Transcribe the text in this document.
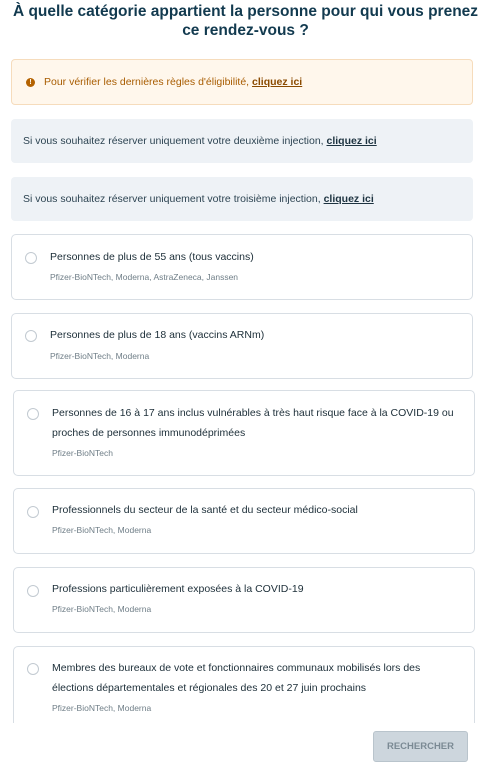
À quelle catégorie appartient la personne pour qui vous prenez ce rendez-vous ?
!	Pour vérifier les dernières règles d'éligibilité, cliquez ici
Si vous souhaitez réserver uniquement votre deuxième injection, cliquez ici
Si vous souhaitez réserver uniquement votre troisième injection, cliquez ici
Personnes de plus de 55 ans (tous vaccins)
Pfizer-BioNTech, Moderna, AstraZeneca, Janssen
Personnes de plus de 18 ans (vaccins ARNm)
Pfizer-BioNTech, Moderna
Personnes de 16 à 17 ans inclus vulnérables à très haut risque face à la COVID-19 ou proches de personnes immunodéprimées
Pfizer-BioNTech
Professionnels du secteur de la santé et du secteur médico-social
Pfizer-BioNTech, Moderna
Professions particulièrement exposées à la COVID-19
Pfizer-BioNTech, Moderna
Membres des bureaux de vote et fonctionnaires communaux mobilisés lors des élections départementales et régionales des 20 et 27 juin prochains
Pfizer-BioNTech, Moderna
RECHERCHER
